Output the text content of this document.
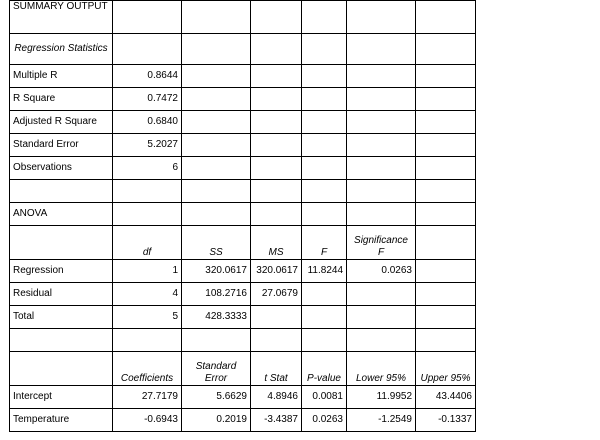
SUMMARY OUTPUT						
Regression Statistics						
Multiple R	0.8644					
R Square	0.7472					
Adjusted R Square	0.6840					
Standard Error	5.2027					
Observations	6					

ANOVA						
	df	SS	MS	F	Significance F	
Regression	1	320.0617	320.0617	11.8244	0.0263	
Residual	4	108.2716	27.0679			
Total	5	428.3333				

	Coefficients	Standard Error	t Stat	P-value	Lower 95%	Upper 95%
Intercept	27.7179	5.6629	4.8946	0.0081	11.9952	43.4406
Temperature	-0.6943	0.2019	-3.4387	0.0263	-1.2549	-0.1337
